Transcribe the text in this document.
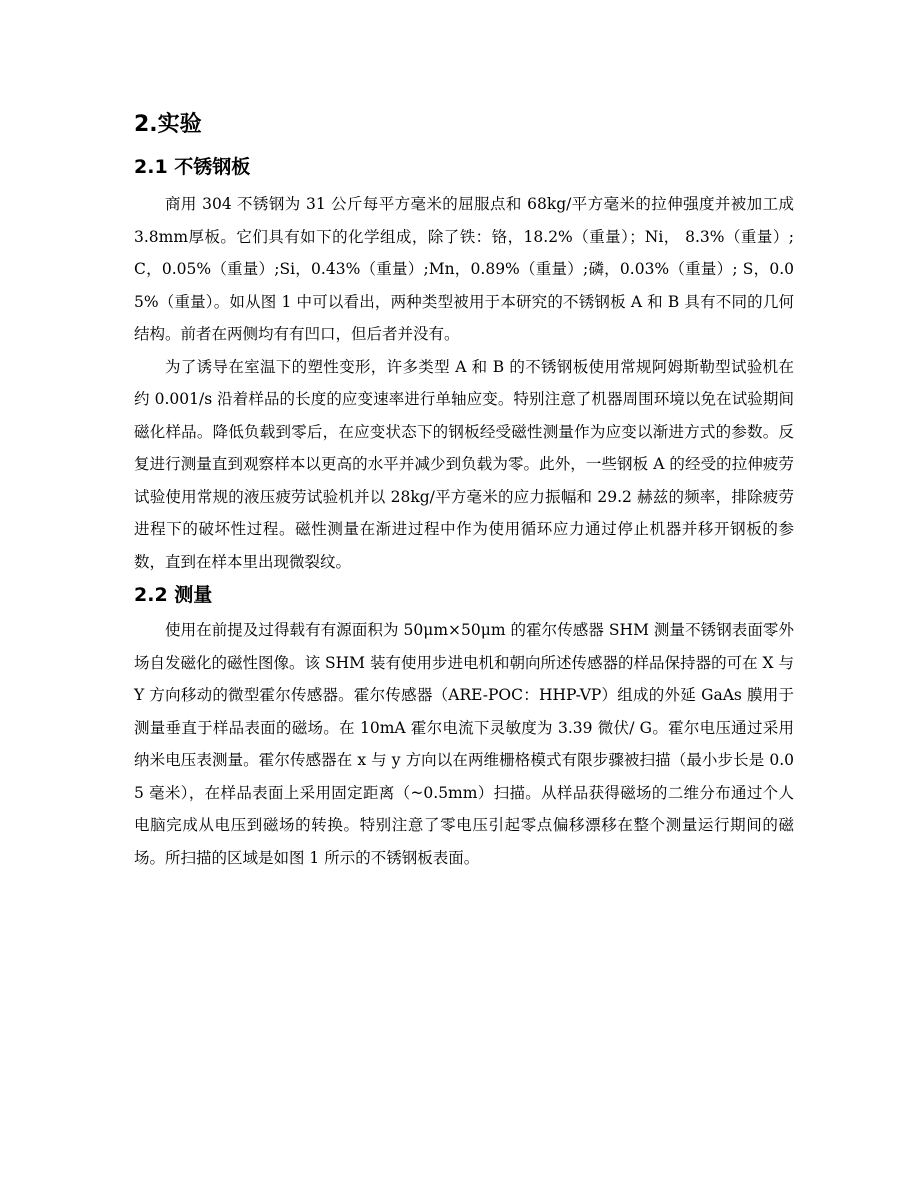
2.实验
2.1 不锈钢板

商用 304 不锈钢为 31 公斤每平方毫米的屈服点和 68kg/平方毫米的拉伸强度并被加工成 3.8mm厚板。它们具有如下的化学组成，除了铁：铬，18.2%（重量）；Ni， 8.3%（重量）; C，0.05%（重量）;Si，0.43%（重量）;Mn，0.89%（重量）;磷，0.03%（重量）; S，0.05%（重量）。如从图 1 中可以看出，两种类型被用于本研究的不锈钢板 A 和 B 具有不同的几何结构。前者在两侧均有有凹口，但后者并没有。

为了诱导在室温下的塑性变形，许多类型 A 和 B 的不锈钢板使用常规阿姆斯勒型试验机在约 0.001/s 沿着样品的长度的应变速率进行单轴应变。特别注意了机器周围环境以免在试验期间磁化样品。降低负载到零后，在应变状态下的钢板经受磁性测量作为应变以渐进方式的参数。反复进行测量直到观察样本以更高的水平并减少到负载为零。此外，一些钢板 A 的经受的拉伸疲劳试验使用常规的液压疲劳试验机并以 28kg/平方毫米的应力振幅和 29.2 赫兹的频率，排除疲劳进程下的破坏性过程。磁性测量在渐进过程中作为使用循环应力通过停止机器并移开钢板的参数，直到在样本里出现微裂纹。

2.2 测量

使用在前提及过得载有有源面积为 50μm×50μm 的霍尔传感器 SHM 测量不锈钢表面零外场自发磁化的磁性图像。该 SHM 装有使用步进电机和朝向所述传感器的样品保持器的可在 X 与 Y 方向移动的微型霍尔传感器。霍尔传感器（ARE-POC：HHP-VP）组成的外延 GaAs 膜用于测量垂直于样品表面的磁场。在 10mA 霍尔电流下灵敏度为 3.39 微伏/ G。霍尔电压通过采用纳米电压表测量。霍尔传感器在 x 与 y 方向以在两维栅格模式有限步骤被扫描（最小步长是 0.05 毫米），在样品表面上采用固定距离（~0.5mm）扫描。从样品获得磁场的二维分布通过个人电脑完成从电压到磁场的转换。特别注意了零电压引起零点偏移漂移在整个测量运行期间的磁场。所扫描的区域是如图 1 所示的不锈钢板表面。
